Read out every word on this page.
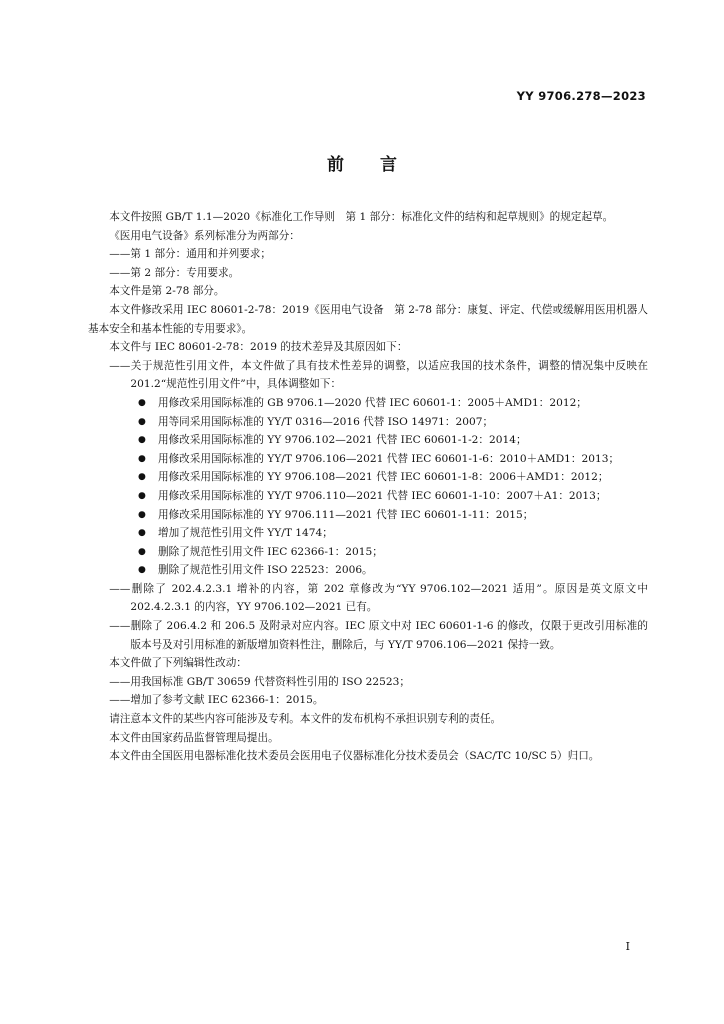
YY 9706.278—2023
前言
本文件按照 GB/T 1.1—2020《标准化工作导则　第 1 部分：标准化文件的结构和起草规则》的规定起草。
《医用电气设备》系列标准分为两部分：
——第 1 部分：通用和并列要求；
——第 2 部分：专用要求。
本文件是第 2-78 部分。
本文件修改采用 IEC 80601-2-78：2019《医用电气设备　第 2-78 部分：康复、评定、代偿或缓解用医用机器人基本安全和基本性能的专用要求》。
本文件与 IEC 80601-2-78：2019 的技术差异及其原因如下：
——关于规范性引用文件，本文件做了具有技术性差异的调整，以适应我国的技术条件，调整的情况集中反映在 201.2“规范性引用文件”中，具体调整如下：
● 用修改采用国际标准的 GB 9706.1—2020 代替 IEC 60601-1：2005＋AMD1：2012；
● 用等同采用国际标准的 YY/T 0316—2016 代替 ISO 14971：2007；
● 用修改采用国际标准的 YY 9706.102—2021 代替 IEC 60601-1-2：2014；
● 用修改采用国际标准的 YY/T 9706.106—2021 代替 IEC 60601-1-6：2010＋AMD1：2013；
● 用修改采用国际标准的 YY 9706.108—2021 代替 IEC 60601-1-8：2006＋AMD1：2012；
● 用修改采用国际标准的 YY/T 9706.110—2021 代替 IEC 60601-1-10：2007＋A1：2013；
● 用修改采用国际标准的 YY 9706.111—2021 代替 IEC 60601-1-11：2015；
● 增加了规范性引用文件 YY/T 1474；
● 删除了规范性引用文件 IEC 62366-1：2015；
● 删除了规范性引用文件 ISO 22523：2006。
——删除了 202.4.2.3.1 增补的内容，第 202 章修改为“YY 9706.102—2021 适用”。原因是英文原文中 202.4.2.3.1 的内容，YY 9706.102—2021 已有。
——删除了 206.4.2 和 206.5 及附录对应内容。IEC 原文中对 IEC 60601-1-6 的修改，仅限于更改引用标准的版本号及对引用标准的新版增加资料性注，删除后，与 YY/T 9706.106—2021 保持一致。
本文件做了下列编辑性改动：
——用我国标准 GB/T 30659 代替资料性引用的 ISO 22523；
——增加了参考文献 IEC 62366-1：2015。
请注意本文件的某些内容可能涉及专利。本文件的发布机构不承担识别专利的责任。
本文件由国家药品监督管理局提出。
本文件由全国医用电器标准化技术委员会医用电子仪器标准化分技术委员会（SAC/TC 10/SC 5）归口。
I
